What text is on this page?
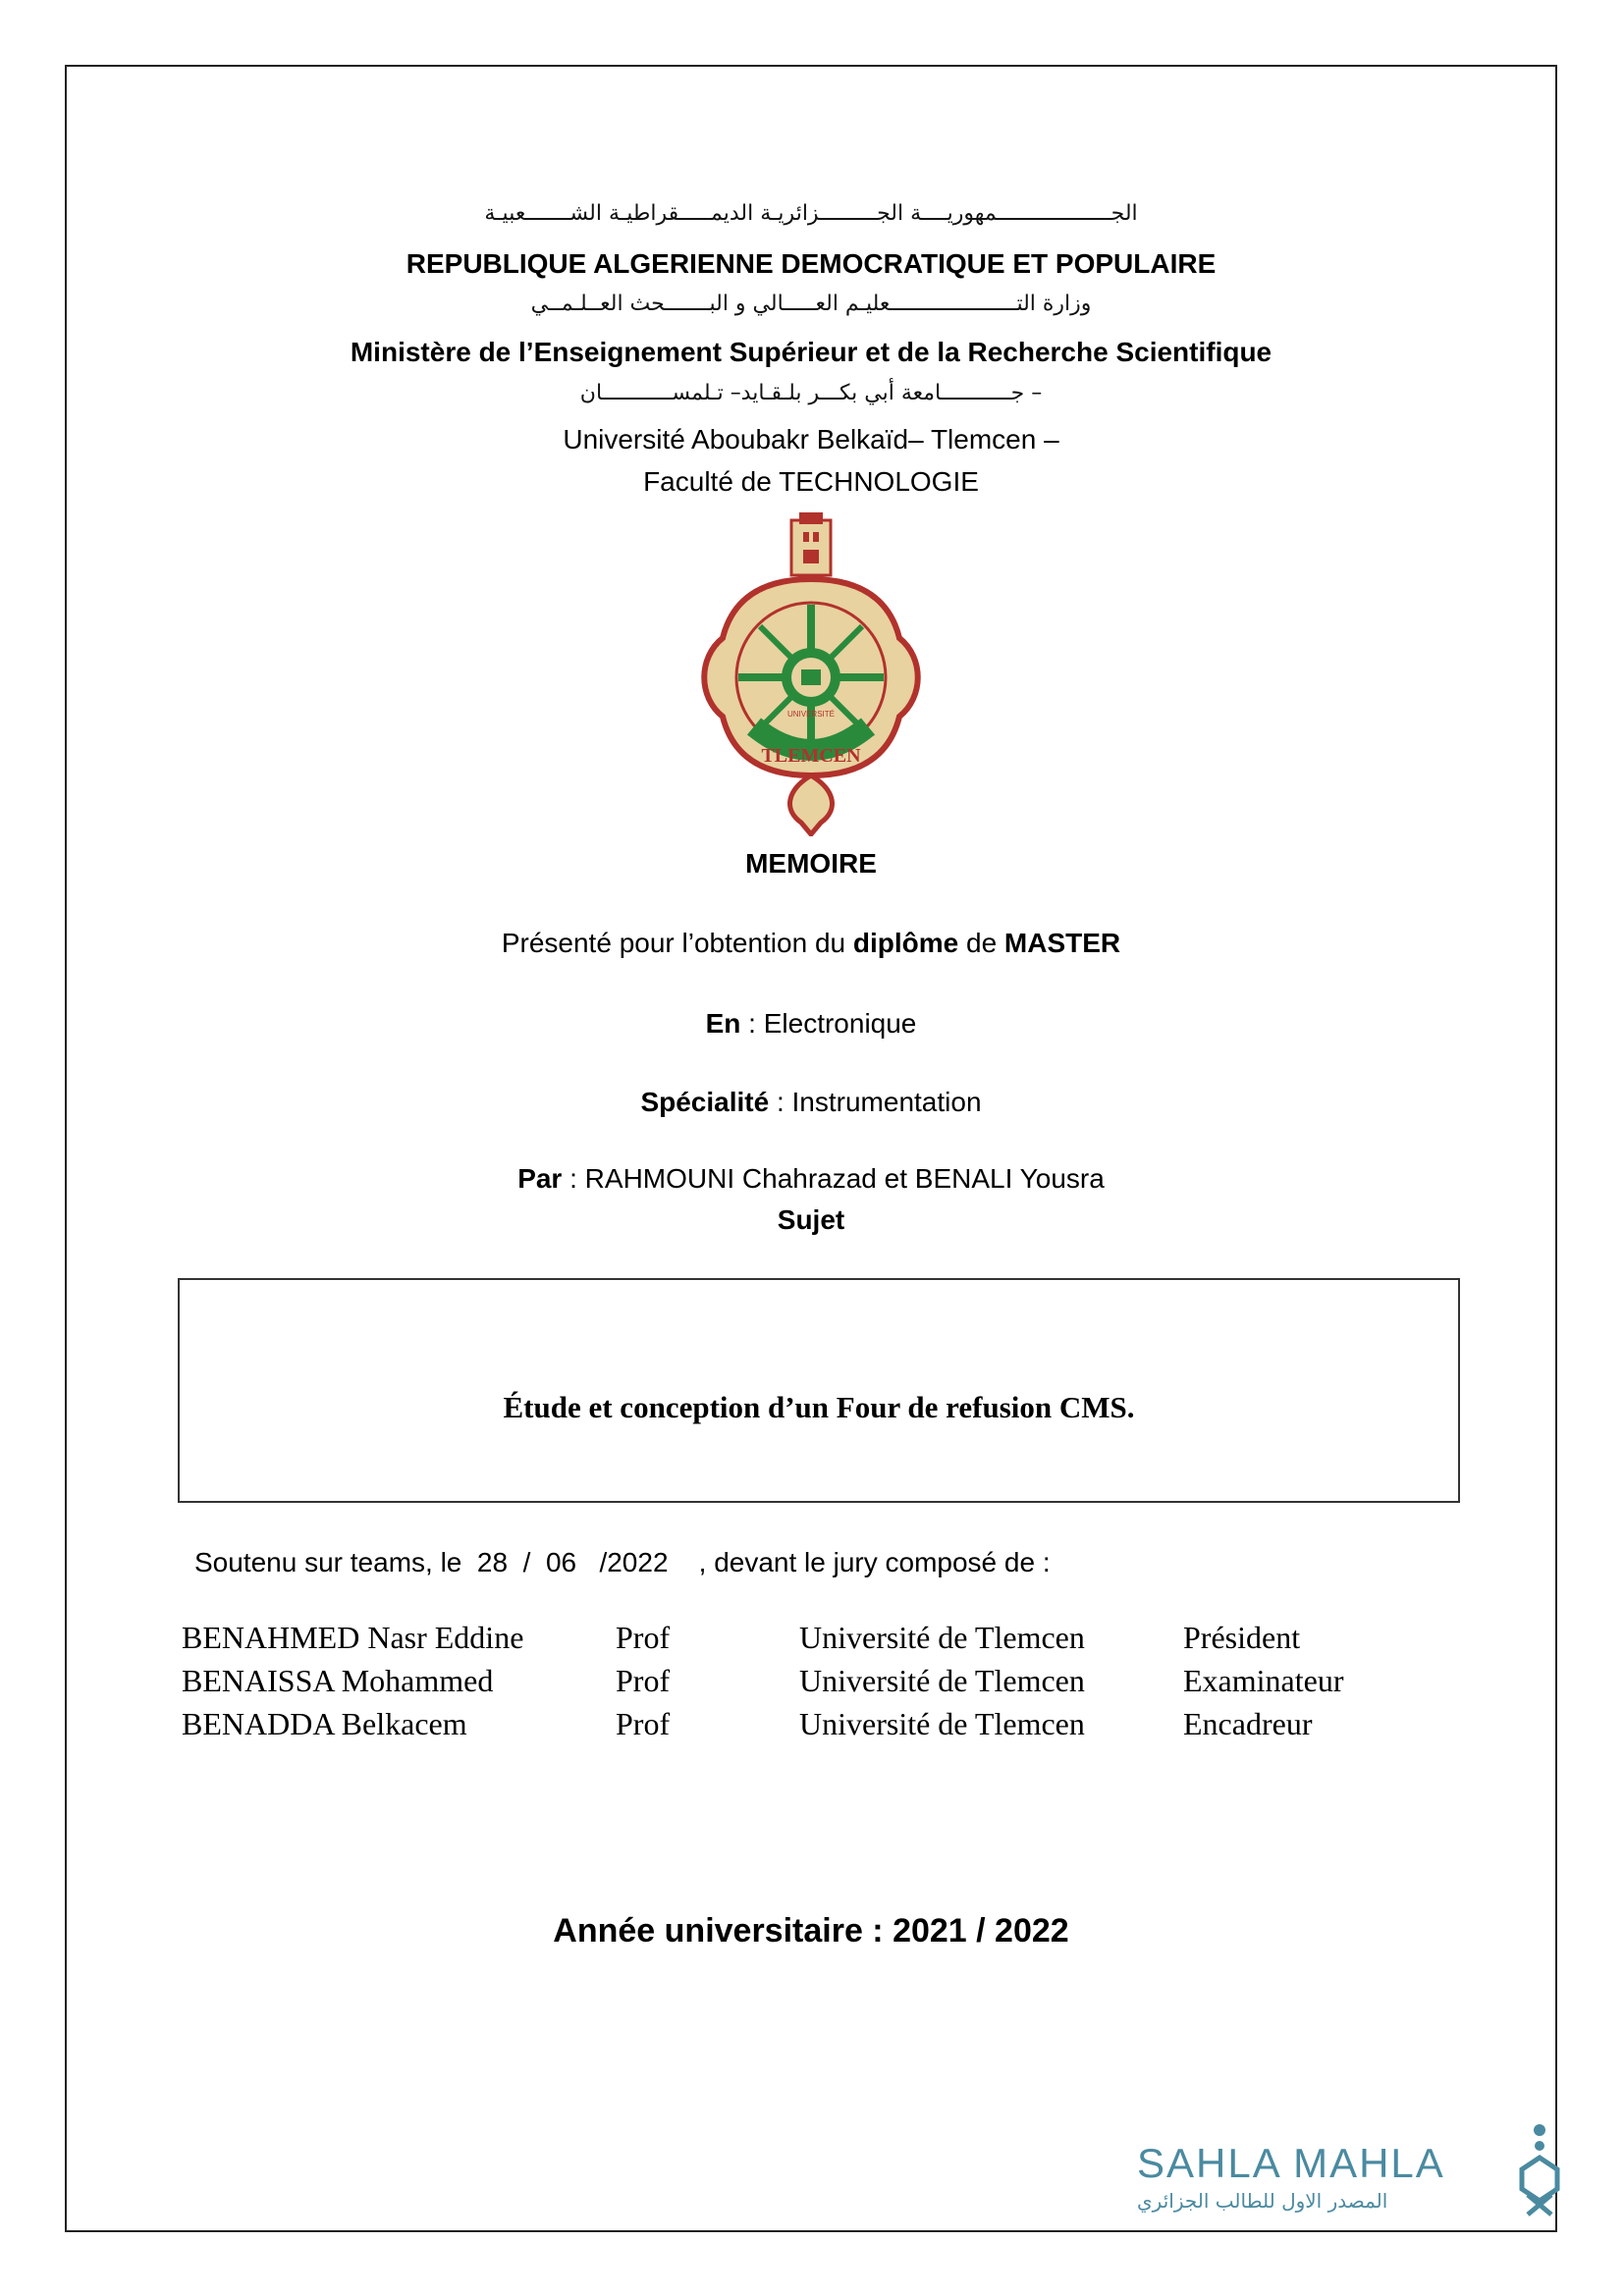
الجــــــــــــــــــمهوريــــة الجـــــــــزائريـة الديمـــــقراطيـة الشـــــــعبيـة
REPUBLIQUE ALGERIENNE DEMOCRATIQUE ET POPULAIRE
وزارة التــــــــــــــــــــعليـم العـــــالي و البـــــــحث العــلـمــي
Ministère de l’Enseignement Supérieur et de la Recherche Scientifique
– جـــــــــــامعة أبي بكـــر بلـقـايد– تـلمســـــــــــان
Université Aboubakr Belkaïd– Tlemcen –
Faculté de TECHNOLOGIE
TLEMCEN
UNIVERSITÉ
MEMOIRE
Présenté pour l’obtention du diplôme de MASTER
En : Electronique
Spécialité : Instrumentation
Par : RAHMOUNI Chahrazad et BENALI Yousra
Sujet
Étude et conception d’un Four de refusion CMS.
Soutenu sur teams, le  28  /  06   /2022    , devant le jury composé de :
BENAHMED Nasr Eddine	Prof	Université de Tlemcen	Président
BENAISSA Mohammed	Prof	Université de Tlemcen	Examinateur
BENADDA Belkacem	Prof	Université de Tlemcen	Encadreur
Année universitaire : 2021 / 2022
SAHLA MAHLA
المصدر الاول للطالب الجزائري
